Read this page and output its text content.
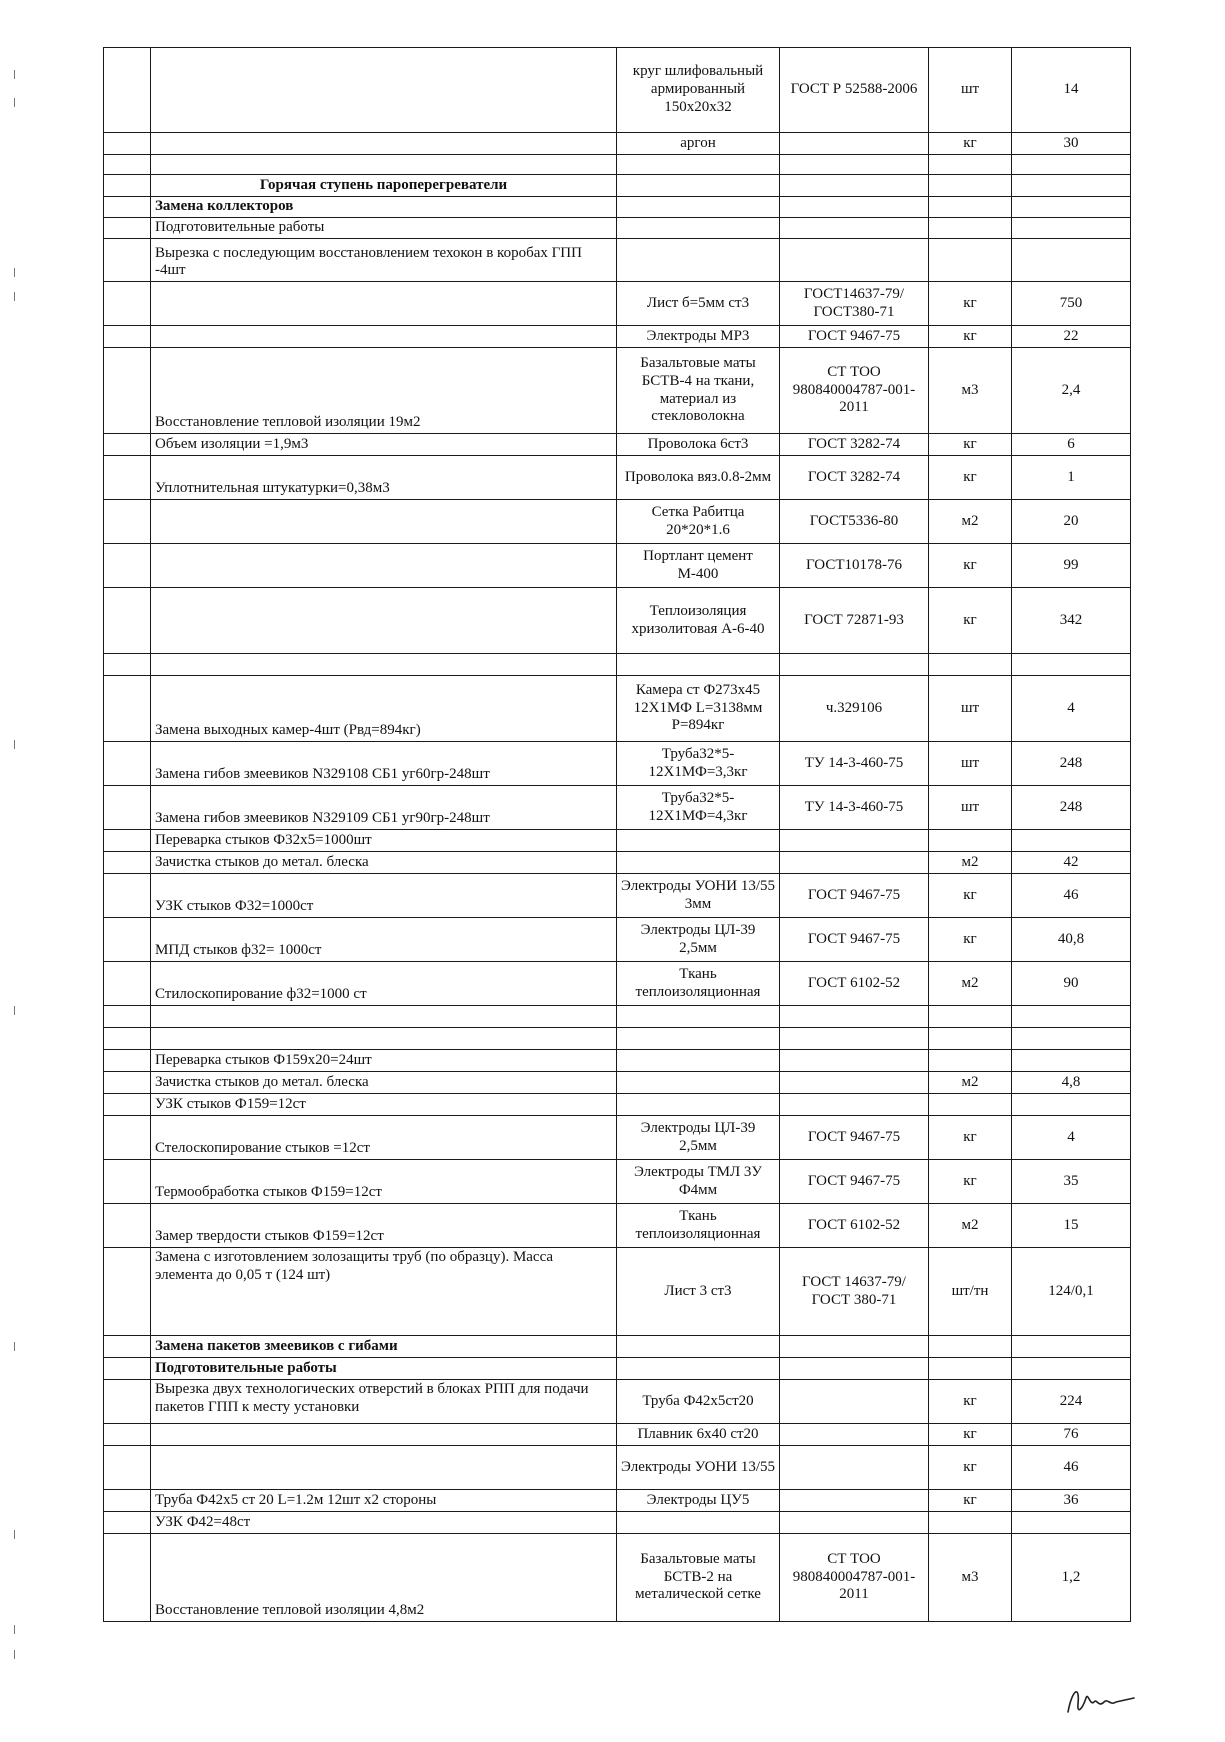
		круг шлифовальный армированный 150х20х32	ГОСТ Р 52588-2006	шт	14
		аргон		кг	30

	Горячая ступень пароперегреватели				
	Замена коллекторов				
	Подготовительные работы				
	Вырезка с последующим восстановлением техокон в коробах ГПП -4шт				
		Лист б=5мм ст3	ГОСТ14637-79/ГОСТ380-71	кг	750
		Электроды МР3	ГОСТ 9467-75	кг	22
	Восстановление тепловой изоляции 19м2	Базальтовые маты БСТВ-4 на ткани, материал из стекловолокна	СТ ТОО 980840004787-001-2011	м3	2,4
	Объем изоляции =1,9м3	Проволока 6ст3	ГОСТ 3282-74	кг	6
	Уплотнительная штукатурки=0,38м3	Проволока вяз.0.8-2мм	ГОСТ 3282-74	кг	1
		Сетка Рабитца 20*20*1.6	ГОСТ5336-80	м2	20
		Портлант цемент М-400	ГОСТ10178-76	кг	99
		Теплоизоляция хризолитовая А-6-40	ГОСТ 72871-93	кг	342

	Замена выходных камер-4шт (Рвд=894кг)	Камера ст Ф273х45 12Х1МФ L=3138мм Р=894кг	ч.329106	шт	4
	Замена гибов змеевиков N329108 СБ1 уг60гр-248шт	Труба32*5-12Х1МФ=3,3кг	ТУ 14-3-460-75	шт	248
	Замена гибов змеевиков N329109 СБ1 уг90гр-248шт	Труба32*5-12Х1МФ=4,3кг	ТУ 14-3-460-75	шт	248
	Переварка стыков Ф32х5=1000шт				
	Зачистка стыков до метал. блеска			м2	42
	УЗК стыков Ф32=1000ст	Электроды УОНИ 13/55 3мм	ГОСТ 9467-75	кг	46
	МПД стыков ф32= 1000ст	Электроды ЦЛ-39 2,5мм	ГОСТ 9467-75	кг	40,8
	Стилоскопирование ф32=1000 ст	Ткань теплоизоляционная	ГОСТ 6102-52	м2	90

	Переварка стыков Ф159х20=24шт				
	Зачистка стыков до метал. блеска			м2	4,8
	УЗК стыков Ф159=12ст				
	Стелоскопирование стыков =12ст	Электроды ЦЛ-39 2,5мм	ГОСТ 9467-75	кг	4
	Термообработка стыков Ф159=12ст	Электроды ТМЛ 3У Ф4мм	ГОСТ 9467-75	кг	35
	Замер твердости стыков Ф159=12ст	Ткань теплоизоляционная	ГОСТ 6102-52	м2	15
	Замена с изготовлением золозащиты труб (по образцу). Масса элемента до 0,05 т (124 шт)	Лист 3 ст3	ГОСТ 14637-79/ГОСТ 380-71	шт/тн	124/0,1
	Замена пакетов змеевиков с гибами				
	Подготовительные работы				
	Вырезка двух технологических отверстий в блоках РПП для подачи пакетов ГПП к месту установки	Труба Ф42х5ст20		кг	224
		Плавник 6х40 ст20		кг	76
		Электроды УОНИ 13/55		кг	46
	Труба Ф42х5 ст 20 L=1.2м 12шт х2 стороны	Электроды ЦУ5		кг	36
	УЗК Ф42=48ст				
	Восстановление тепловой изоляции 4,8м2	Базальтовые маты БСТВ-2 на металической сетке	СТ ТОО 980840004787-001-2011	м3	1,2
